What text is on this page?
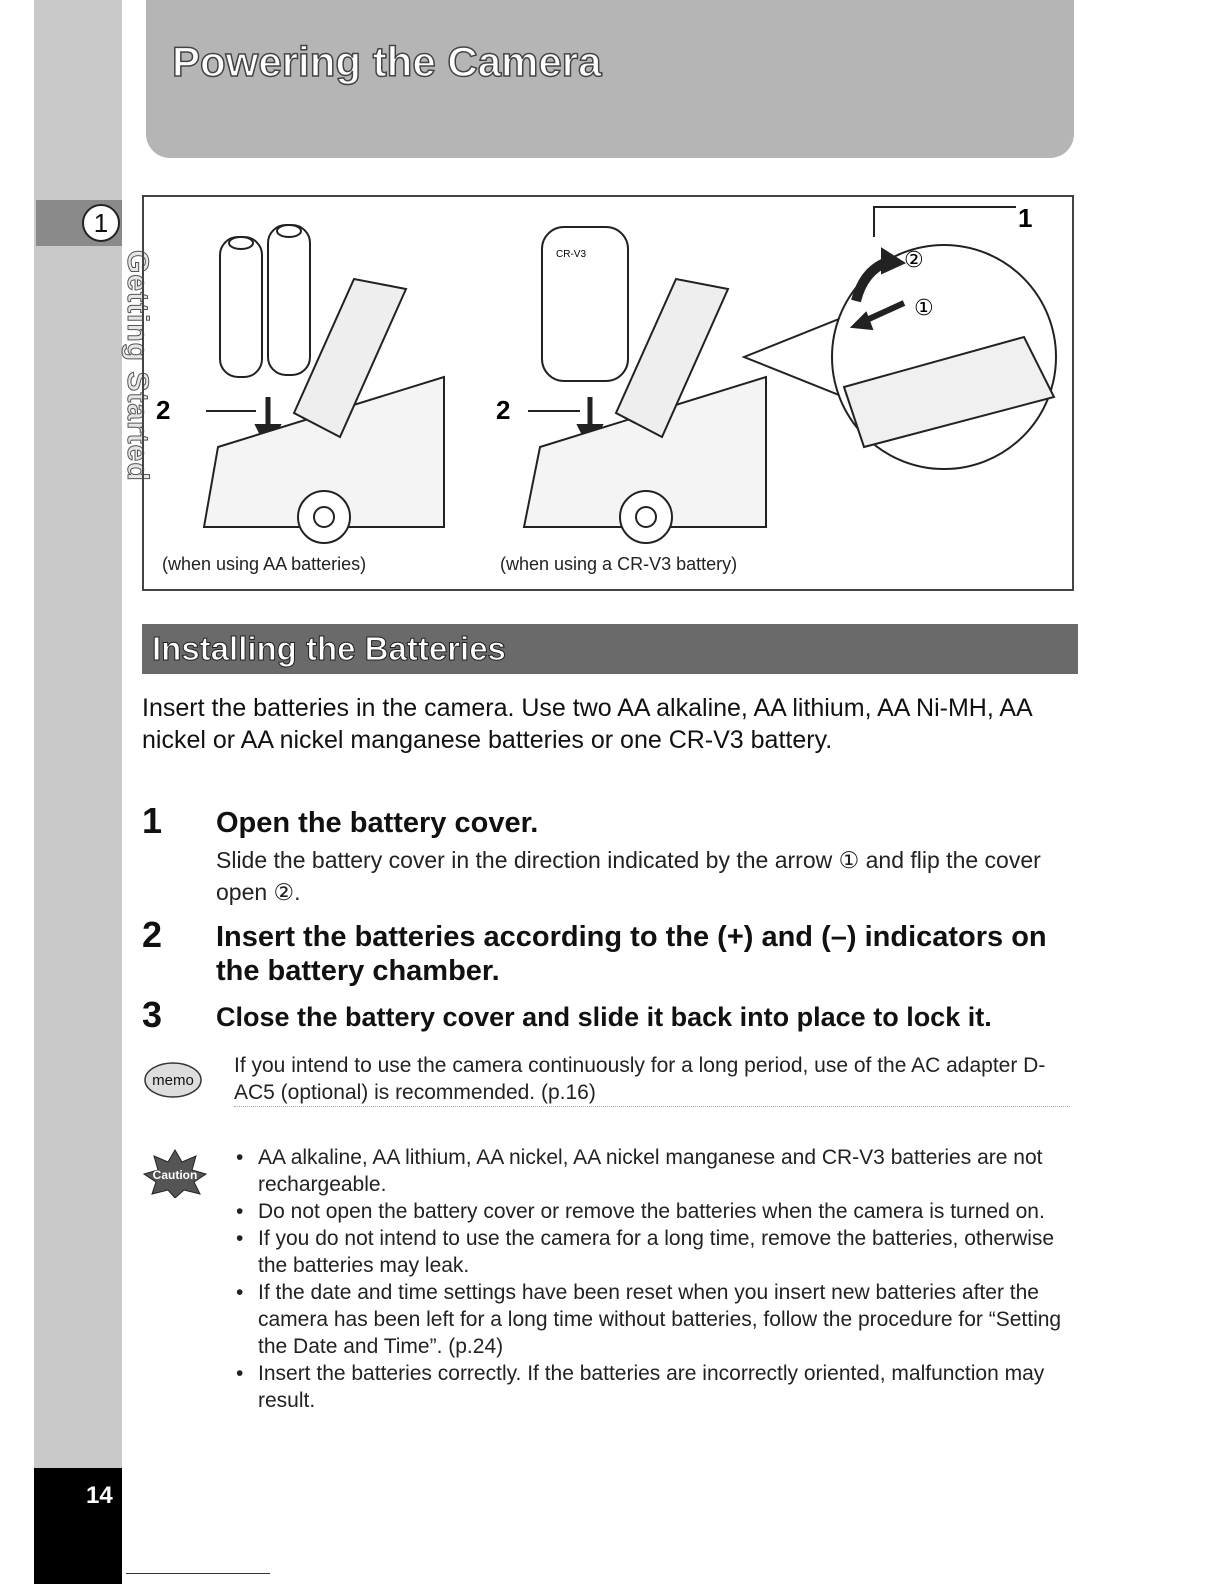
1
Getting Started
14
Powering the Camera
2	2
1
②
①
CR-V3
(when using AA batteries)	(when using a CR-V3 battery)
Installing the Batteries
Insert the batteries in the camera. Use two AA alkaline, AA lithium, AA Ni-MH, AA nickel or AA nickel manganese batteries or one CR-V3 battery.
1 Open the battery cover.
Slide the battery cover in the direction indicated by the arrow ① and flip the cover open ②.
2 Insert the batteries according to the (+) and (–) indicators on the battery chamber.
3 Close the battery cover and slide it back into place to lock it.
memo
If you intend to use the camera continuously for a long period, use of the AC adapter D-AC5 (optional) is recommended. (p.16)
Caution
• AA alkaline, AA lithium, AA nickel, AA nickel manganese and CR-V3 batteries are not rechargeable.
• Do not open the battery cover or remove the batteries when the camera is turned on.
• If you do not intend to use the camera for a long time, remove the batteries, otherwise the batteries may leak.
• If the date and time settings have been reset when you insert new batteries after the camera has been left for a long time without batteries, follow the procedure for “Setting the Date and Time”. (p.24)
• Insert the batteries correctly. If the batteries are incorrectly oriented, malfunction may result.
